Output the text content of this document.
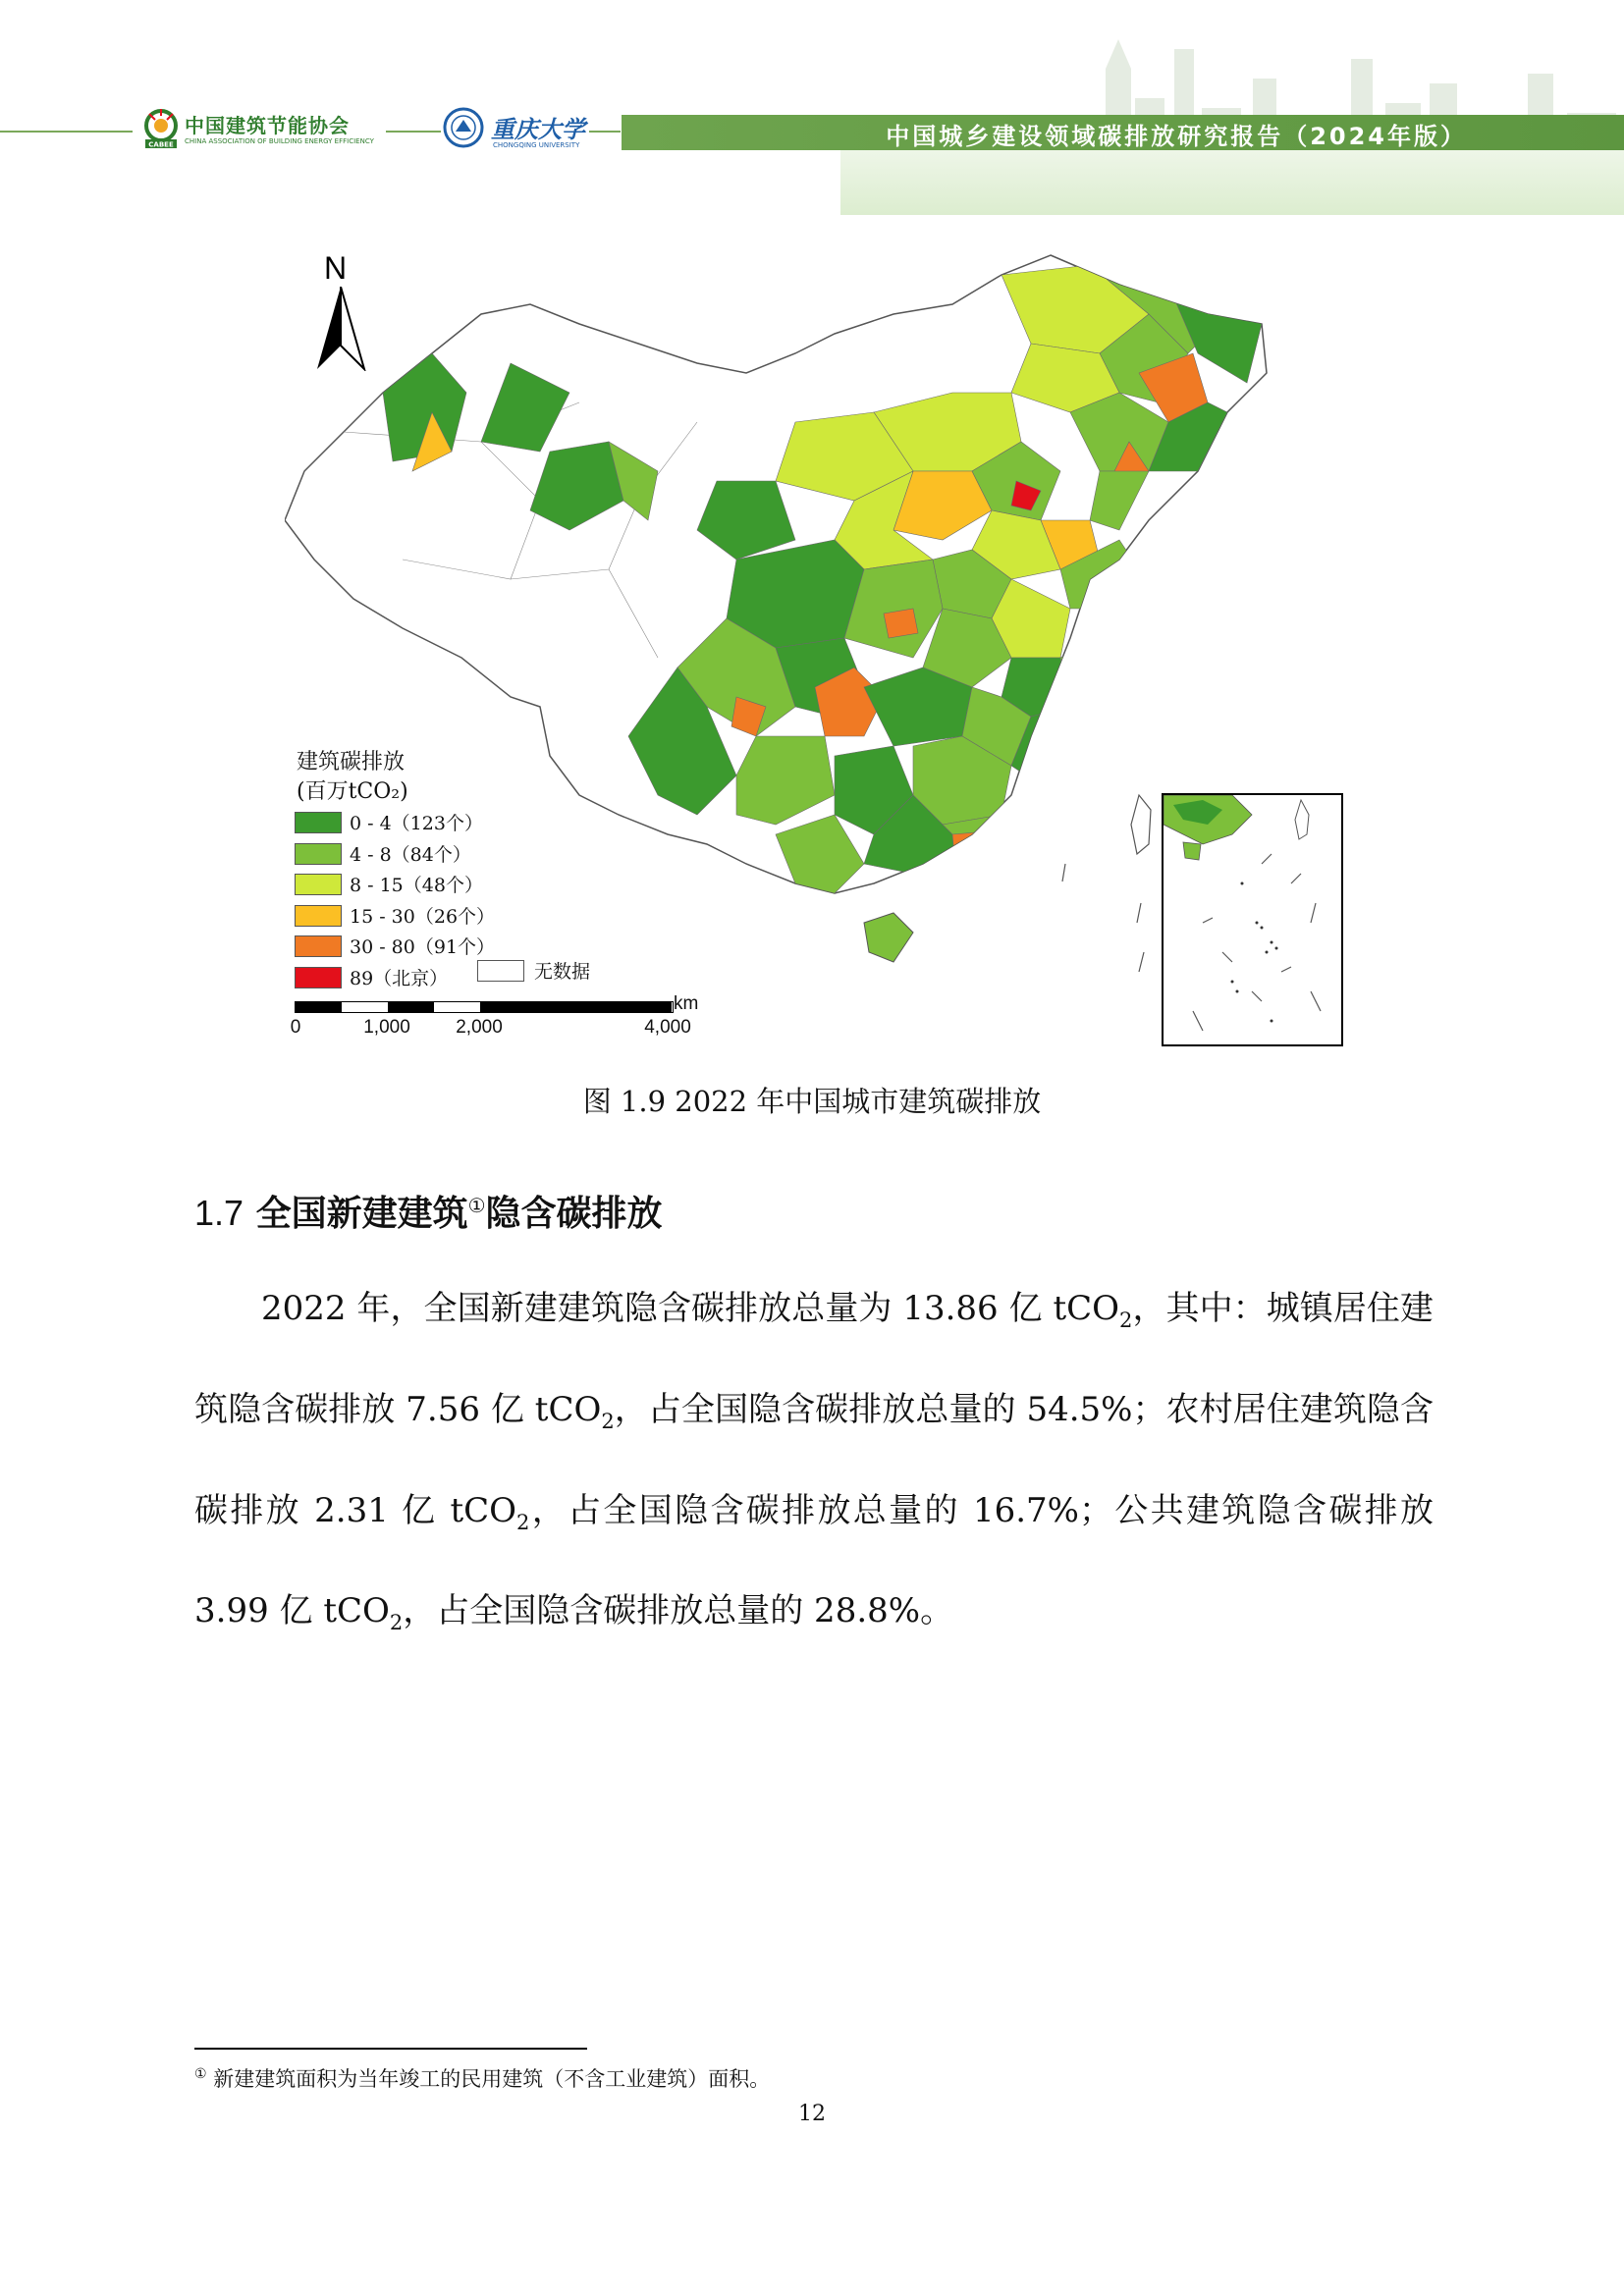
CABEE
中国建筑节能协会
CHINA ASSOCIATION OF BUILDING ENERGY EFFICIENCY	重庆大学
CHONGQING UNIVERSITY	中国城乡建设领域碳排放研究报告（2024年版）
N
建筑碳排放
(百万tCO₂)
0 - 4（123个）
4 - 8（84个）
8 - 15（48个）
15 - 30（26个）
30 - 80（91个）
89（北京）	无数据
km
0	1,000 2,000	4,000
图 1.9 2022 年中国城市建筑碳排放
1.7 全国新建建筑①隐含碳排放

2022 年，全国新建建筑隐含碳排放总量为 13.86 亿 tCO$_2$，其中：城镇居住建筑隐含碳排放 7.56 亿 tCO$_2$，占全国隐含碳排放总量的 54.5%；农村居住建筑隐含碳排放 2.31 亿 tCO$_2$，占全国隐含碳排放总量的 16.7%；公共建筑隐含碳排放 3.99 亿 tCO$_2$，占全国隐含碳排放总量的 28.8%。

① 新建建筑面积为当年竣工的民用建筑（不含工业建筑）面积。
12
